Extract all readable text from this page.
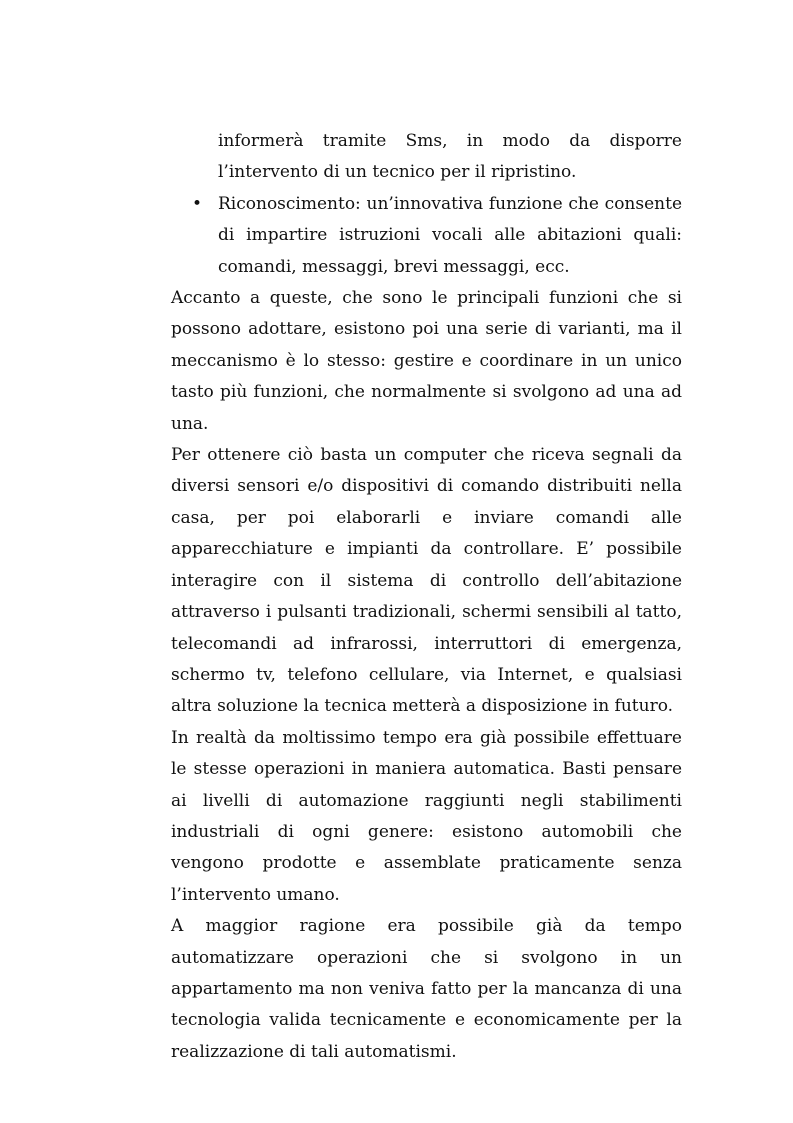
informerà tramite Sms, in modo da disporre l’intervento di un tecnico per il ripristino.

• Riconoscimento: un’innovativa funzione che consente di impartire istruzioni vocali alle abitazioni quali: comandi, messaggi, brevi messaggi, ecc.

Accanto a queste, che sono le principali funzioni che si possono adottare, esistono poi una serie di varianti, ma il meccanismo è lo stesso: gestire e coordinare in un unico tasto più funzioni, che normalmente si svolgono ad una ad una.

Per ottenere ciò basta un computer che riceva segnali da diversi sensori e/o dispositivi di comando distribuiti nella casa, per poi elaborarli e inviare comandi alle apparecchiature e impianti da controllare. E’ possibile interagire con il sistema di controllo dell’abitazione attraverso i pulsanti tradizionali, schermi sensibili al tatto, telecomandi ad infrarossi, interruttori di emergenza, schermo tv, telefono cellulare, via Internet, e qualsiasi altra soluzione la tecnica metterà a disposizione in futuro.

In realtà da moltissimo tempo era già possibile effettuare le stesse operazioni in maniera automatica. Basti pensare ai livelli di automazione raggiunti negli stabilimenti industriali di ogni genere: esistono automobili che vengono prodotte e assemblate praticamente senza l’intervento umano.

A maggior ragione era possibile già da tempo automatizzare operazioni che si svolgono in un appartamento ma non veniva fatto per la mancanza di una tecnologia valida tecnicamente e economicamente per la realizzazione di tali automatismi.
